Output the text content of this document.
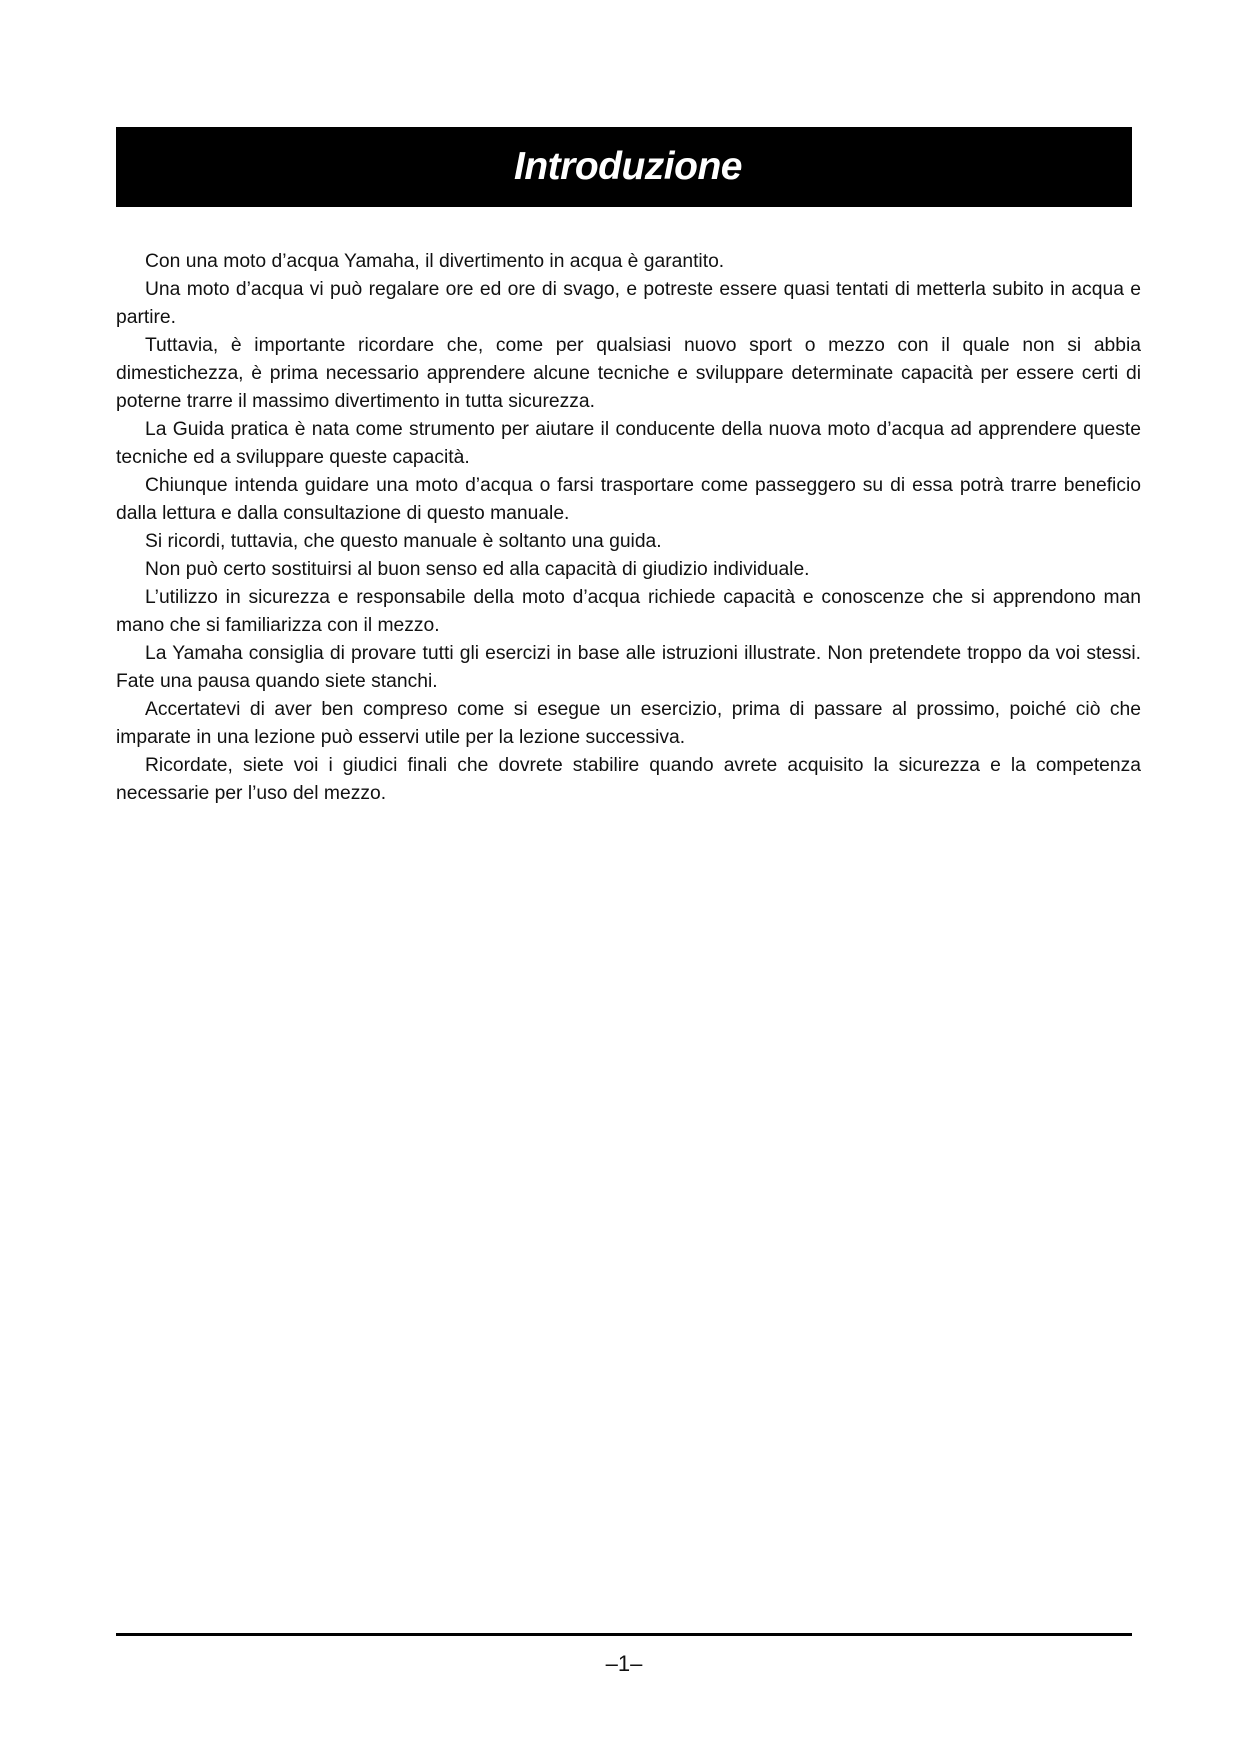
Introduzione

Con una moto d’acqua Yamaha, il divertimento in acqua è garantito.

Una moto d’acqua vi può regalare ore ed ore di svago, e potreste essere quasi tentati di metterla subito in acqua e partire.

Tuttavia, è importante ricordare che, come per qualsiasi nuovo sport o mezzo con il quale non si abbia dimestichezza, è prima necessario apprendere alcune tecniche e sviluppare determinate capacità per essere certi di poterne trarre il massimo divertimento in tutta sicurezza.

La Guida pratica è nata come strumento per aiutare il conducente della nuova moto d’acqua ad apprendere queste tecniche ed a sviluppare queste capacità.

Chiunque intenda guidare una moto d’acqua o farsi trasportare come passeggero su di essa potrà trarre beneficio dalla lettura e dalla consultazione di questo manuale.

Si ricordi, tuttavia, che questo manuale è soltanto una guida.

Non può certo sostituirsi al buon senso ed alla capacità di giudizio individuale.

L’utilizzo in sicurezza e responsabile della moto d’acqua richiede capacità e conoscenze che si apprendono man mano che si familiarizza con il mezzo.

La Yamaha consiglia di provare tutti gli esercizi in base alle istruzioni illustrate. Non pretendete troppo da voi stessi. Fate una pausa quando siete stanchi.

Accertatevi di aver ben compreso come si esegue un esercizio, prima di passare al prossimo, poiché ciò che imparate in una lezione può esservi utile per la lezione successiva.

Ricordate, siete voi i giudici finali che dovrete stabilire quando avrete acquisito la sicurezza e la competenza necessarie per l’uso del mezzo.

–1–
